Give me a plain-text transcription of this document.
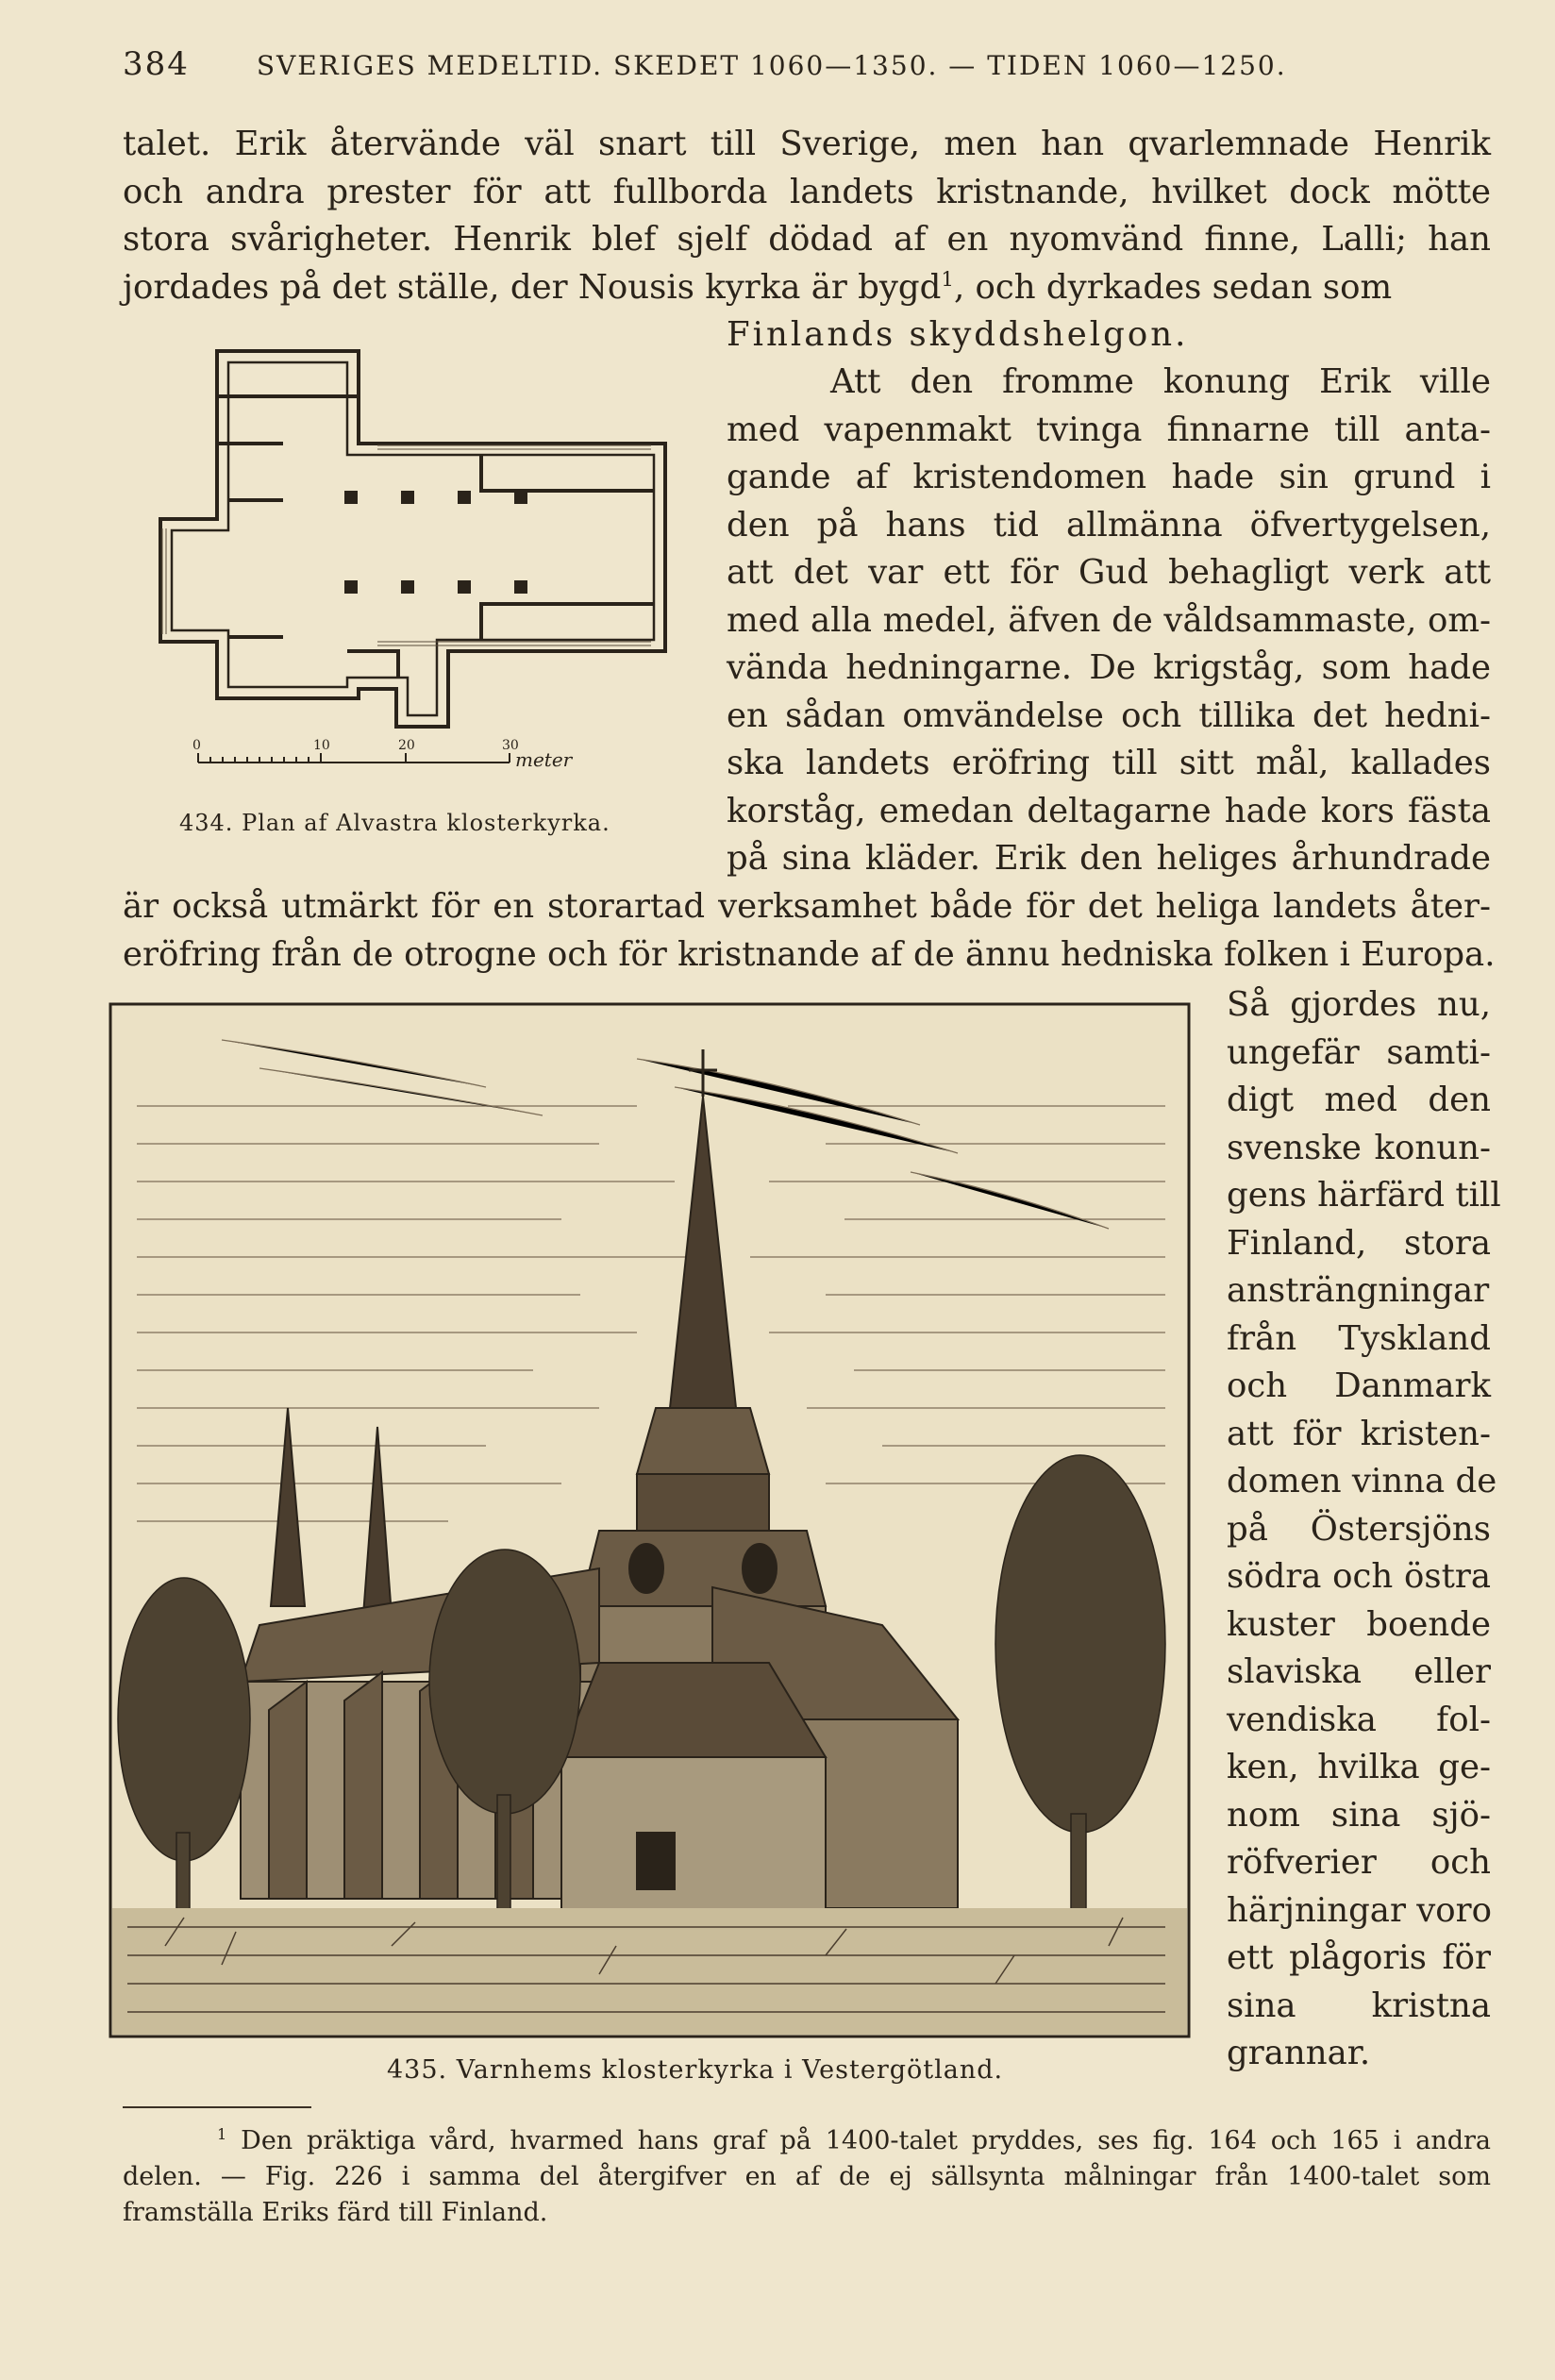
384	SVERIGES MEDELTID. SKEDET 1060—1350. — TIDEN 1060—1250.
talet. Erik återvände väl snart till Sverige, men han qvarlemnade Henrik
och andra prester för att fullborda landets kristnande, hvilket dock mötte
stora svårigheter. Henrik blef sjelf dödad af en nyomvänd finne, Lalli; han
jordades på det ställe, der Nousis kyrka är bygd$^1$, och dyrkades sedan som
Finlands skyddshelgon.
0	10	20	30
meter
434. Plan af Alvastra klosterkyrka.
Att den fromme konung Erik ville
med vapenmakt tvinga finnarne till anta-
gande af kristendomen hade sin grund i
den på hans tid allmänna öfvertygelsen,
att det var ett för Gud behagligt verk att
med alla medel, äfven de våldsammaste, om-
vända hedningarne. De krigståg, som hade
en sådan omvändelse och tillika det hedni-
ska landets eröfring till sitt mål, kallades
korståg, emedan deltagarne hade kors fästa
på sina kläder. Erik den heliges århundrade
är också utmärkt för en storartad verksamhet både för det heliga landets åter-
eröfring från de otrogne och för kristnande af de ännu hedniska folken i Europa.
435. Varnhems klosterkyrka i Vestergötland.
Så gjordes nu,
ungefär samti-
digt med den
svenske konun-
gens härfärd till
Finland, stora
ansträngningar
från Tyskland
och Danmark
att för kristen-
domen vinna de
på Östersjöns
södra och östra
kuster boende
slaviska eller
vendiska fol-
ken, hvilka ge-
nom sina sjö-
röfverier och
härjningar voro
ett plågoris för
sina kristna
grannar.
$^1$ Den präktiga vård, hvarmed hans graf på 1400-talet pryddes, ses fig. 164 och 165 i andra
delen. — Fig. 226 i samma del återgifver en af de ej sällsynta målningar från 1400-talet som
framställa Eriks färd till Finland.
